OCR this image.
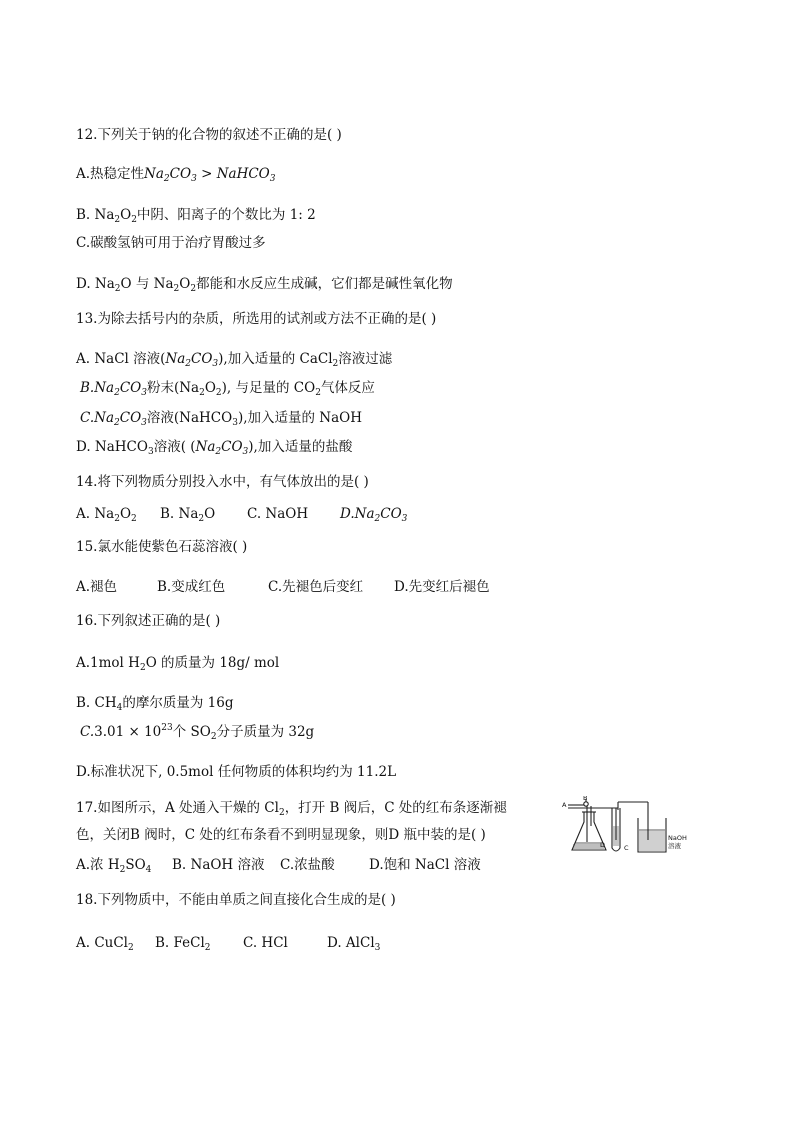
12.下列关于钠的化合物的叙述不正确的是( )
A.热稳定性$Na_2CO_3$ > NaHCO$_3$
B. $Na_2O_2$中阴、阳离子的个数比为 1: 2
C.碳酸氢钠可用于治疗胃酸过多
D. $Na_2O$ 与 $Na_2O_2$都能和水反应生成碱，它们都是碱性氧化物
13.为除去括号内的杂质，所选用的试剂或方法不正确的是( )
A. NaCl 溶液$(Na_2CO_3)$,加入适量的 CaCl$_2$溶液过滤
$B.Na_2CO_3$粉末$(Na_2O_2)$, 与足量的 $CO_2$气体反应
$C.Na_2CO_3$溶液(NaHCO$_3$),加入适量的 NaOH
D. NaHCO$_3$溶液( $(Na_2CO_3)$,加入适量的盐酸
14.将下列物质分别投入水中，有气体放出的是( )
A. $Na_2O_2$ B. $Na_2O$ C. NaOH $D.Na_2CO_3$
15.氯水能使紫色石蕊溶液( )
A.褪色	B.变成红色	C.先褪色后变红 D.先变红后褪色
16.下列叙述正确的是( )
A.1mol $H_2O$ 的质量为 18g/ mol
B. $CH_4$的摩尔质量为 16g
$C.3.01 \times 10^{23}$个 $SO_2$分子质量为 32g
D.标准状况下, 0.5mol 任何物质的体积均约为 11.2L
17.如图所示，A 处通入干燥的 $Cl_2$，打开 B 阀后，C 处的红布条逐渐褪
色，关闭B 阀时，C 处的红布条看不到明显现象，则D 瓶中装的是( )
A.浓 $H_2SO_4$ B. NaOH 溶液 C.浓盐酸	D.饱和 NaCl 溶液
A
B
C
D
NaOH
溶液
18.下列物质中，不能由单质之间直接化合生成的是( )
A. CuCl$_2$ B. FeCl$_2$ C. HCl	D. AlCl$_3$
